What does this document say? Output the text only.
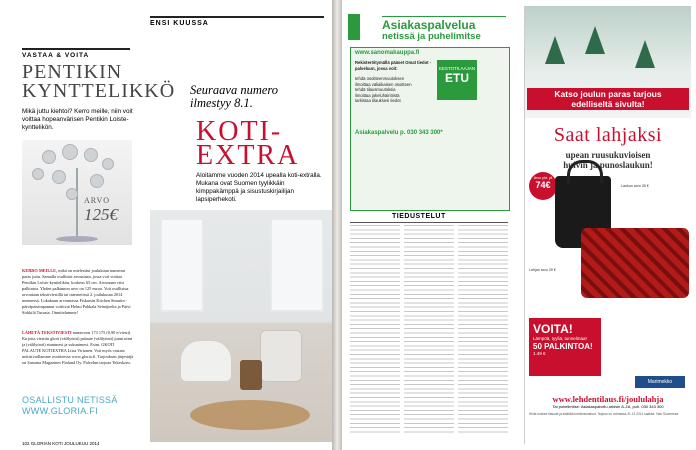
VASTAA & VOITA
PENTIKIN
KYNTTELIKKÖ
Mikä juttu kiehtoi? Kerro meille, niin voit voittaa hopeanvärisen Pentikin Loiste-kynttelikön.
ARVO
125€
KERRO MEILLE, mikä on mielestäsi joulukuun numeron paras juttu. Samalla osallistut arvontaan, jossa voit voittaa Pentikin Loiste-kynttelikön, korkeus 65 cm. Arvonnan viisi palkintoa. Yhden palkinnon arvo on 125 euroa. Voit osallistua arvontaan tekstiviestillä tai internetissä 2. joulukuuta 2014 mennessä. Lokakuun arvonnassa Fiskarsin Kitchen Smartin -päiväpaistinpannut voittivat Helmi Pakkala Seinäjoelta ja Päivi Sirkkilä Turusta. Onnittelumme!
LÄHETÄ TEKSTIVIESTI numeroon 173 175 (0,90 e/viesti). Kirjoita viestiin gkoti (välilyönti) palaute (välilyönti) jutun nimi ja (välilyönti) etunimesi ja sukunimesi. Esim. GKOTI PALAUTE KOTIEXTRA Liisa Virtanen. Voit myös vastata nettisivuillamme osoitteessa www.gloria.fi. Tarjouksen järjestäjä on Sanoma Magazines Finland Oy. Palvelun tarjoaa Tekeskom.
OSALLISTU NETISSÄ
WWW.GLORIA.FI
102 GLORIAN KOTI JOULUKUU 2014
ENSI KUUSSA
Seuraava numero
ilmestyy 8.1.
KOTI-
EXTRA
Aloitamme vuoden 2014 upealla koti-extralla. Mukana ovat Suomen tyylikkäin kimppakämppä ja sisustuskirjailijan lapsiperhekoti.
Asiakaspalvelua
netissä ja puhelimitse
www.sanomakauppa.fi
Rekisteröitymällä pääset Omat tiedot -palveluun, jossa voit:
tehdä osoitteenmuutoksen
ilmoittaa väliaikaisen osoitteen
tehdä tilausmuutoksia
ilmoittaa jakeluhäiriöistä
tarkistaa tilauksesi tiedot
KESTOTILAAJAN
ETU
Asiakaspalvelu p. 030 343 300*
TIEDUSTELUT
Katso joulun paras tarjous
edelliseltä sivulta!
Saat lahjaksi
upean ruusukuvioisen
huivin ja punoslaukun!
Arvo yht. yli
74€	Laukun arvo 35 €
Lahjan arvo 39 €
VOITA!
Lämpöä, tyyliä, tunnelmaa!
50 PALKINTOA!
1.49 €
Marimekko
www.lehdentilaus.fi/joululahja
Tai puhelimitse: Asiakaspalvelu arkisin 8–16, puh. 030 343 300
Hinta koskee tilausta ja sisältää toimitusmaksut. Tarjous on voimassa 31.12.2014 saakka. Vain Suomessa.
